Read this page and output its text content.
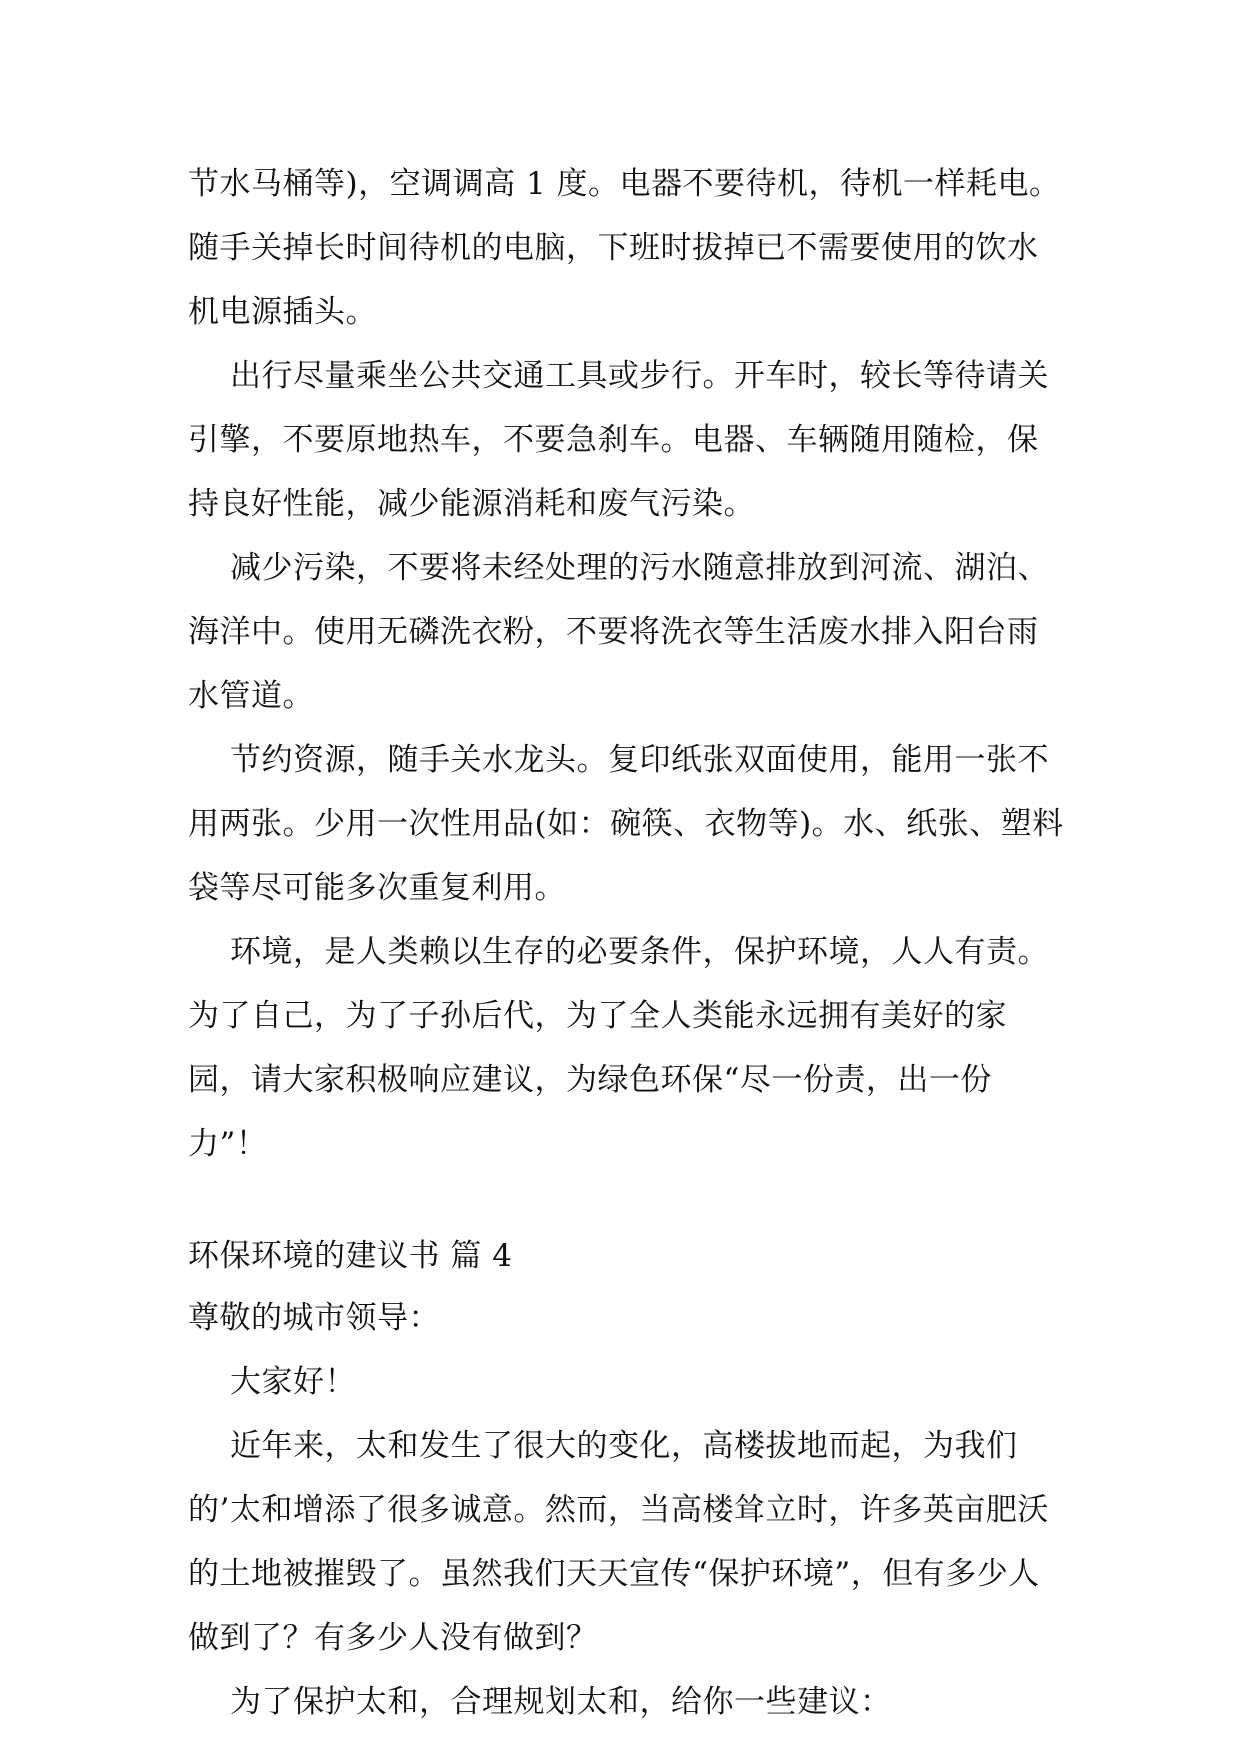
节水马桶等)，空调调高 1 度。电器不要待机，待机一样耗电。随手关掉长时间待机的电脑，下班时拔掉已不需要使用的饮水机电源插头。

出行尽量乘坐公共交通工具或步行。开车时，较长等待请关引擎，不要原地热车，不要急刹车。电器、车辆随用随检，保持良好性能，减少能源消耗和废气污染。

减少污染，不要将未经处理的污水随意排放到河流、湖泊、海洋中。使用无磷洗衣粉，不要将洗衣等生活废水排入阳台雨水管道。

节约资源，随手关水龙头。复印纸张双面使用，能用一张不用两张。少用一次性用品(如：碗筷、衣物等)。水、纸张、塑料袋等尽可能多次重复利用。

环境，是人类赖以生存的必要条件，保护环境，人人有责。为了自己，为了子孙后代，为了全人类能永远拥有美好的家园，请大家积极响应建议，为绿色环保“尽一份责，出一份力”！

环保环境的建议书 篇 4

尊敬的城市领导：

大家好！

近年来，太和发生了很大的变化，高楼拔地而起，为我们的’太和增添了很多诚意。然而，当高楼耸立时，许多英亩肥沃的土地被摧毁了。虽然我们天天宣传“保护环境”，但有多少人做到了？有多少人没有做到？

为了保护太和，合理规划太和，给你一些建议：
